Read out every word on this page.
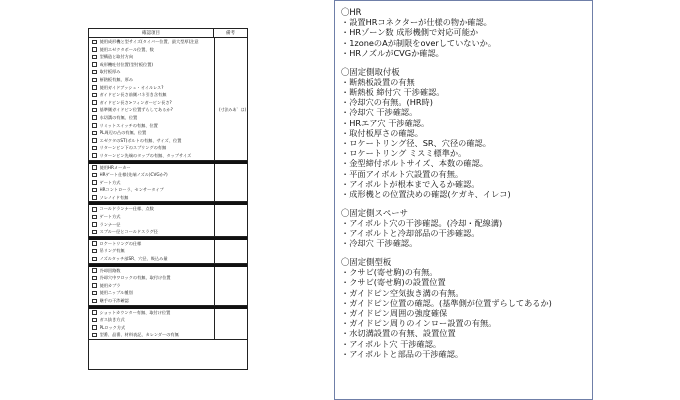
確認項目	備考
使用成形機と型サイズ(タイバー位置、最大型厚)注意
使用エゼクタボール位置、数
型構造と取付方向
成形機吐付位置(型付板位置)
取付板厚み
断熱板有無、厚み
使用ガイドブッシュ・オイルレス?
ガイドピン長さ前側パネ引き含有無
ガイドピン長さ>フィンガーピン長さ?
基準側ガイドピン位置ずらしてあるか?	(寸法みあ゛は)
水切溝の有無、位置
リミットスイッチの有無、位置
PL周辺の凸の有無、位置
エゼクタのST(ボルトの有無、サイズ、位置
リターンピン下のスプリングの有無
リターンピン先端のタップの有無、タップサイズ
使用HRメーカー
HRゲート仕様(先端ノズル)CVGか?)
ゲート方式
HRコントローラ、センサータイプ
ソレノイド有無
コールドランナー仕様、点数
ゲート方式
ランナー径
スプルー径とコールドスラグ径
ロケートリングの仕様
吊リング有無
ノズルタッチ部SR、穴径、吸込み量
冷却回路数
冷却穴中ワロックの有無、取付け位置
使用カプラ
使用ニップル種別
継手の干渉確認
ショットカウンター有無、取付け位置
ガス抜き方式
PLロック方式
型番、品番、材料表記、カレンダーの有無
〇HR
・設置HRコネクターが仕様の物か確認。
・HRゾーン数 成形機側で対応可能か
・1zoneのAが制限をoverしていないか。
・HRノズルがCVGか確認。
〇固定側取付板
・断熱板設置の有無
・断熱板 締付穴 干渉確認。
・冷却穴の有無。(HR時)
・冷却穴 干渉確認。
・HRエア穴 干渉確認。
・取付板厚さの確認。
・ロケートリング径、SR、穴径の確認。
・ロケートリング ミスミ標準か。
・金型締付ボルトサイズ、本数の確認。
・平面アイボルト穴設置の有無。
・アイボルトが根本まで入るか確認。
・成形機との位置決めの確認(ケガキ、イレコ)
〇固定側スペーサ
・アイボルト穴の干渉確認。(冷却・配線溝)
・アイボルトと冷却部品の干渉確認。
・冷却穴 干渉確認。
〇固定側型板
・クサビ(寄せ駒)の有無。
・クサビ(寄せ駒)の設置位置
・ガイドピン空気抜き溝の有無。
・ガイドピン位置の確認。(基準側が位置ずらしてあるか)
・ガイドピン周囲の強度確保
・ガイドピン周りのインロー設置の有無。
・水切溝設置の有無、設置位置
・アイボルト穴 干渉確認。
・アイボルトと部品の干渉確認。
